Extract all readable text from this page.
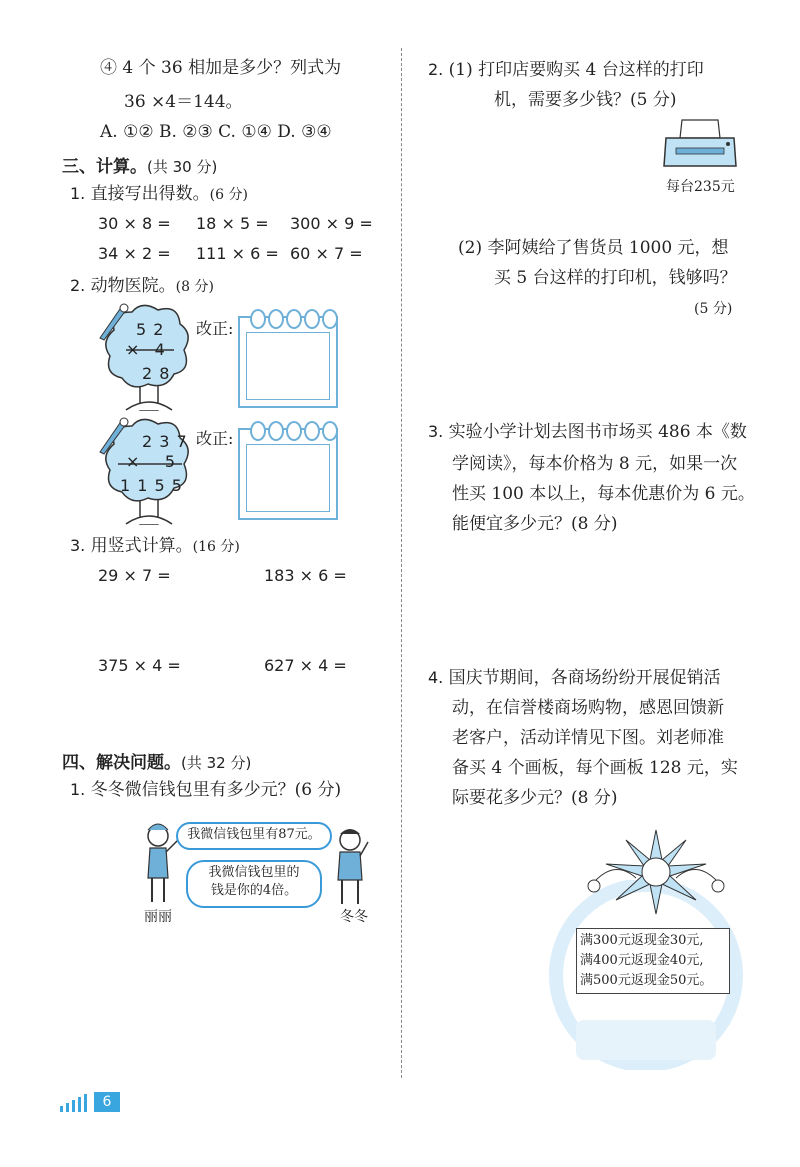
④ 4 个 36 相加是多少？列式为
36 ×4＝144。
A. ①② B. ②③ C. ①④ D. ③④
三、计算。(共 30 分)
1. 直接写出得数。(6 分)
30 × 8 = 18 × 5 = 300 × 9 =
34 × 2 = 111 × 6 = 60 × 7 =
2. 动物医院。(8 分)
5 2
×   4
2 8
改正:
2 3 7
×     5
1 1 5 5
改正:
3. 用竖式计算。(16 分)
29 × 7 =	183 × 6 =
375 × 4 =	627 × 4 =
四、解决问题。(共 32 分)
1. 冬冬微信钱包里有多少元？(6 分)
我微信钱包里有87元。
我微信钱包里的
钱是你的4倍。
丽丽	冬冬
2. (1) 打印店要购买 4 台这样的打印
机，需要多少钱？(5 分)
每台235元
(2) 李阿姨给了售货员 1000 元，想
买 5 台这样的打印机，钱够吗？
(5 分)
3. 实验小学计划去图书市场买 486 本《数
学阅读》，每本价格为 8 元，如果一次
性买 100 本以上，每本优惠价为 6 元。
能便宜多少元？(8 分)
4. 国庆节期间，各商场纷纷开展促销活
动，在信誉楼商场购物，感恩回馈新
老客户，活动详情见下图。刘老师准
备买 4 个画板，每个画板 128 元，实
际要花多少元？(8 分)
满300元返现金30元,
满400元返现金40元,
满500元返现金50元。
6
